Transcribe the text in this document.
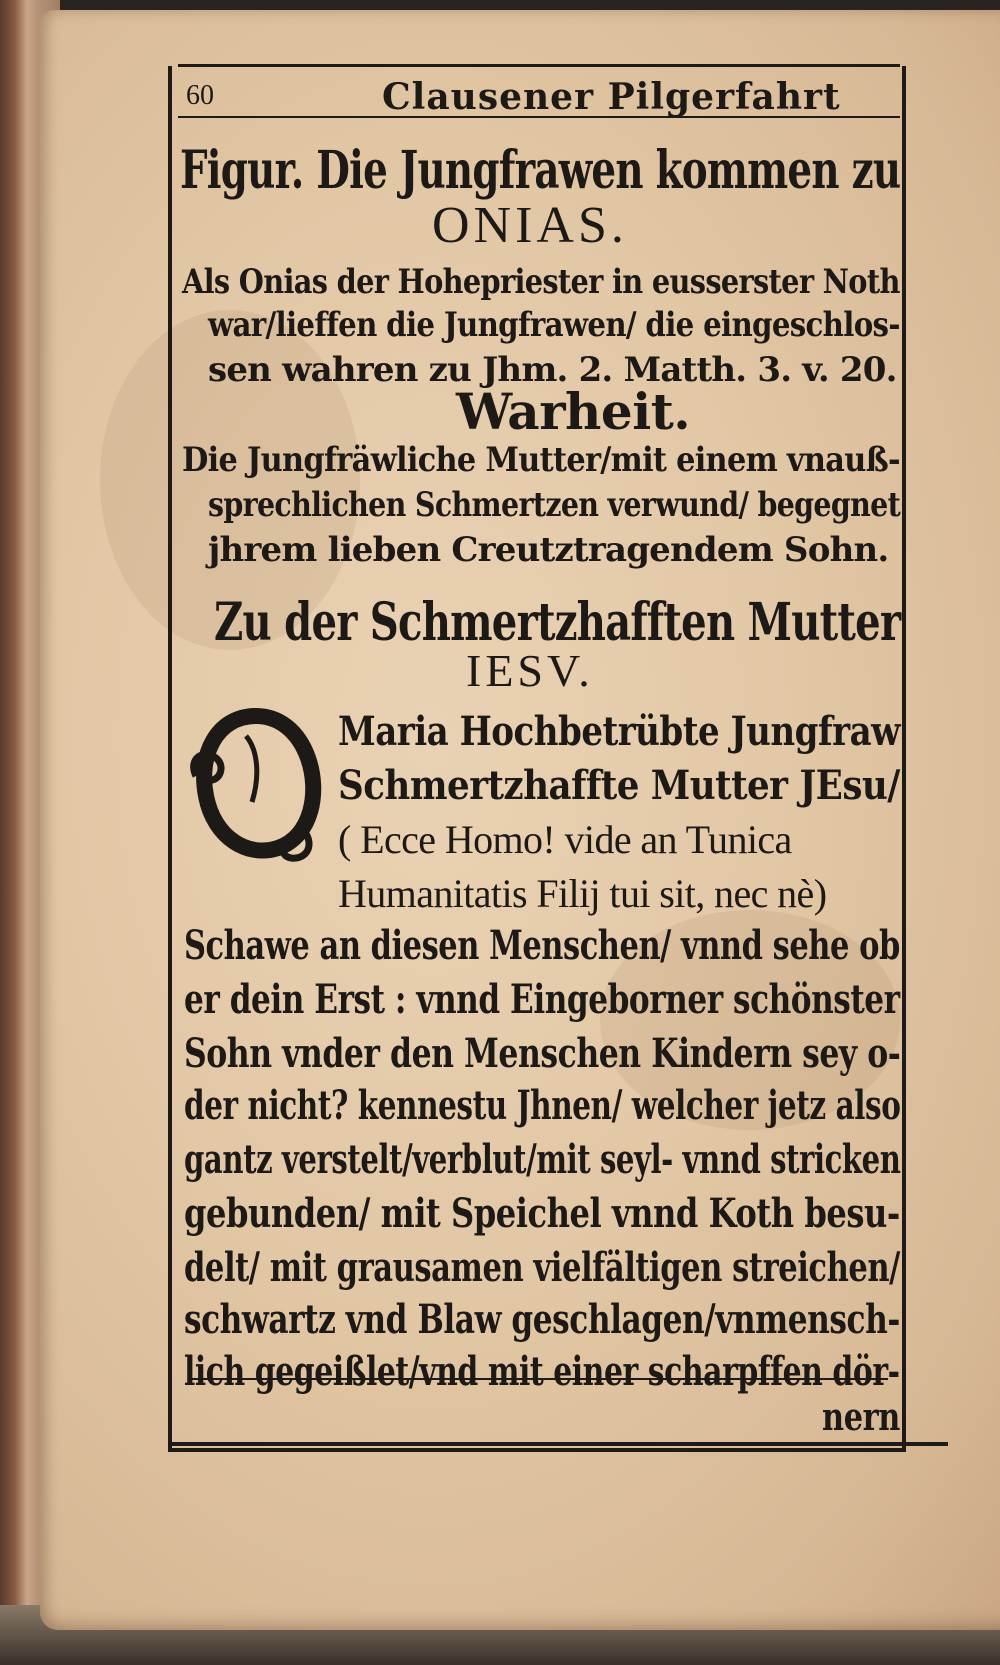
60	Clausener Pilgerfahrt
Figur. Die Jungfrawen kommen zu
ONIAS.
Als Onias der Hohepriester in eusserster Noth
war/lieffen die Jungfrawen/ die eingeschlos-
sen wahren zu Jhm. 2. Matth. 3. v. 20.
Warheit.
Die Jungfräwliche Mutter/mit einem vnauß-
sprechlichen Schmertzen verwund/ begegnet
jhrem lieben Creutztragendem Sohn.
Zu der Schmertzhafften Mutter
IESV.
O
Maria Hochbetrübte Jungfraw
Schmertzhaffte Mutter JEsu/
( Ecce Homo! vide an Tunica
Humanitatis Filij tui sit, nec nè)
Schawe an diesen Menschen/ vnnd sehe ob
er dein Erst : vnnd Eingeborner schönster
Sohn vnder den Menschen Kindern sey o-
der nicht? kennestu Jhnen/ welcher jetz also
gantz verstelt/verblut/mit seyl- vnnd stricken
gebunden/ mit Speichel vnnd Koth besu-
delt/ mit grausamen vielfältigen streichen/
schwartz vnd Blaw geschlagen/vnmensch-
lich gegeißlet/vnd mit einer scharpffen dör-
nern
